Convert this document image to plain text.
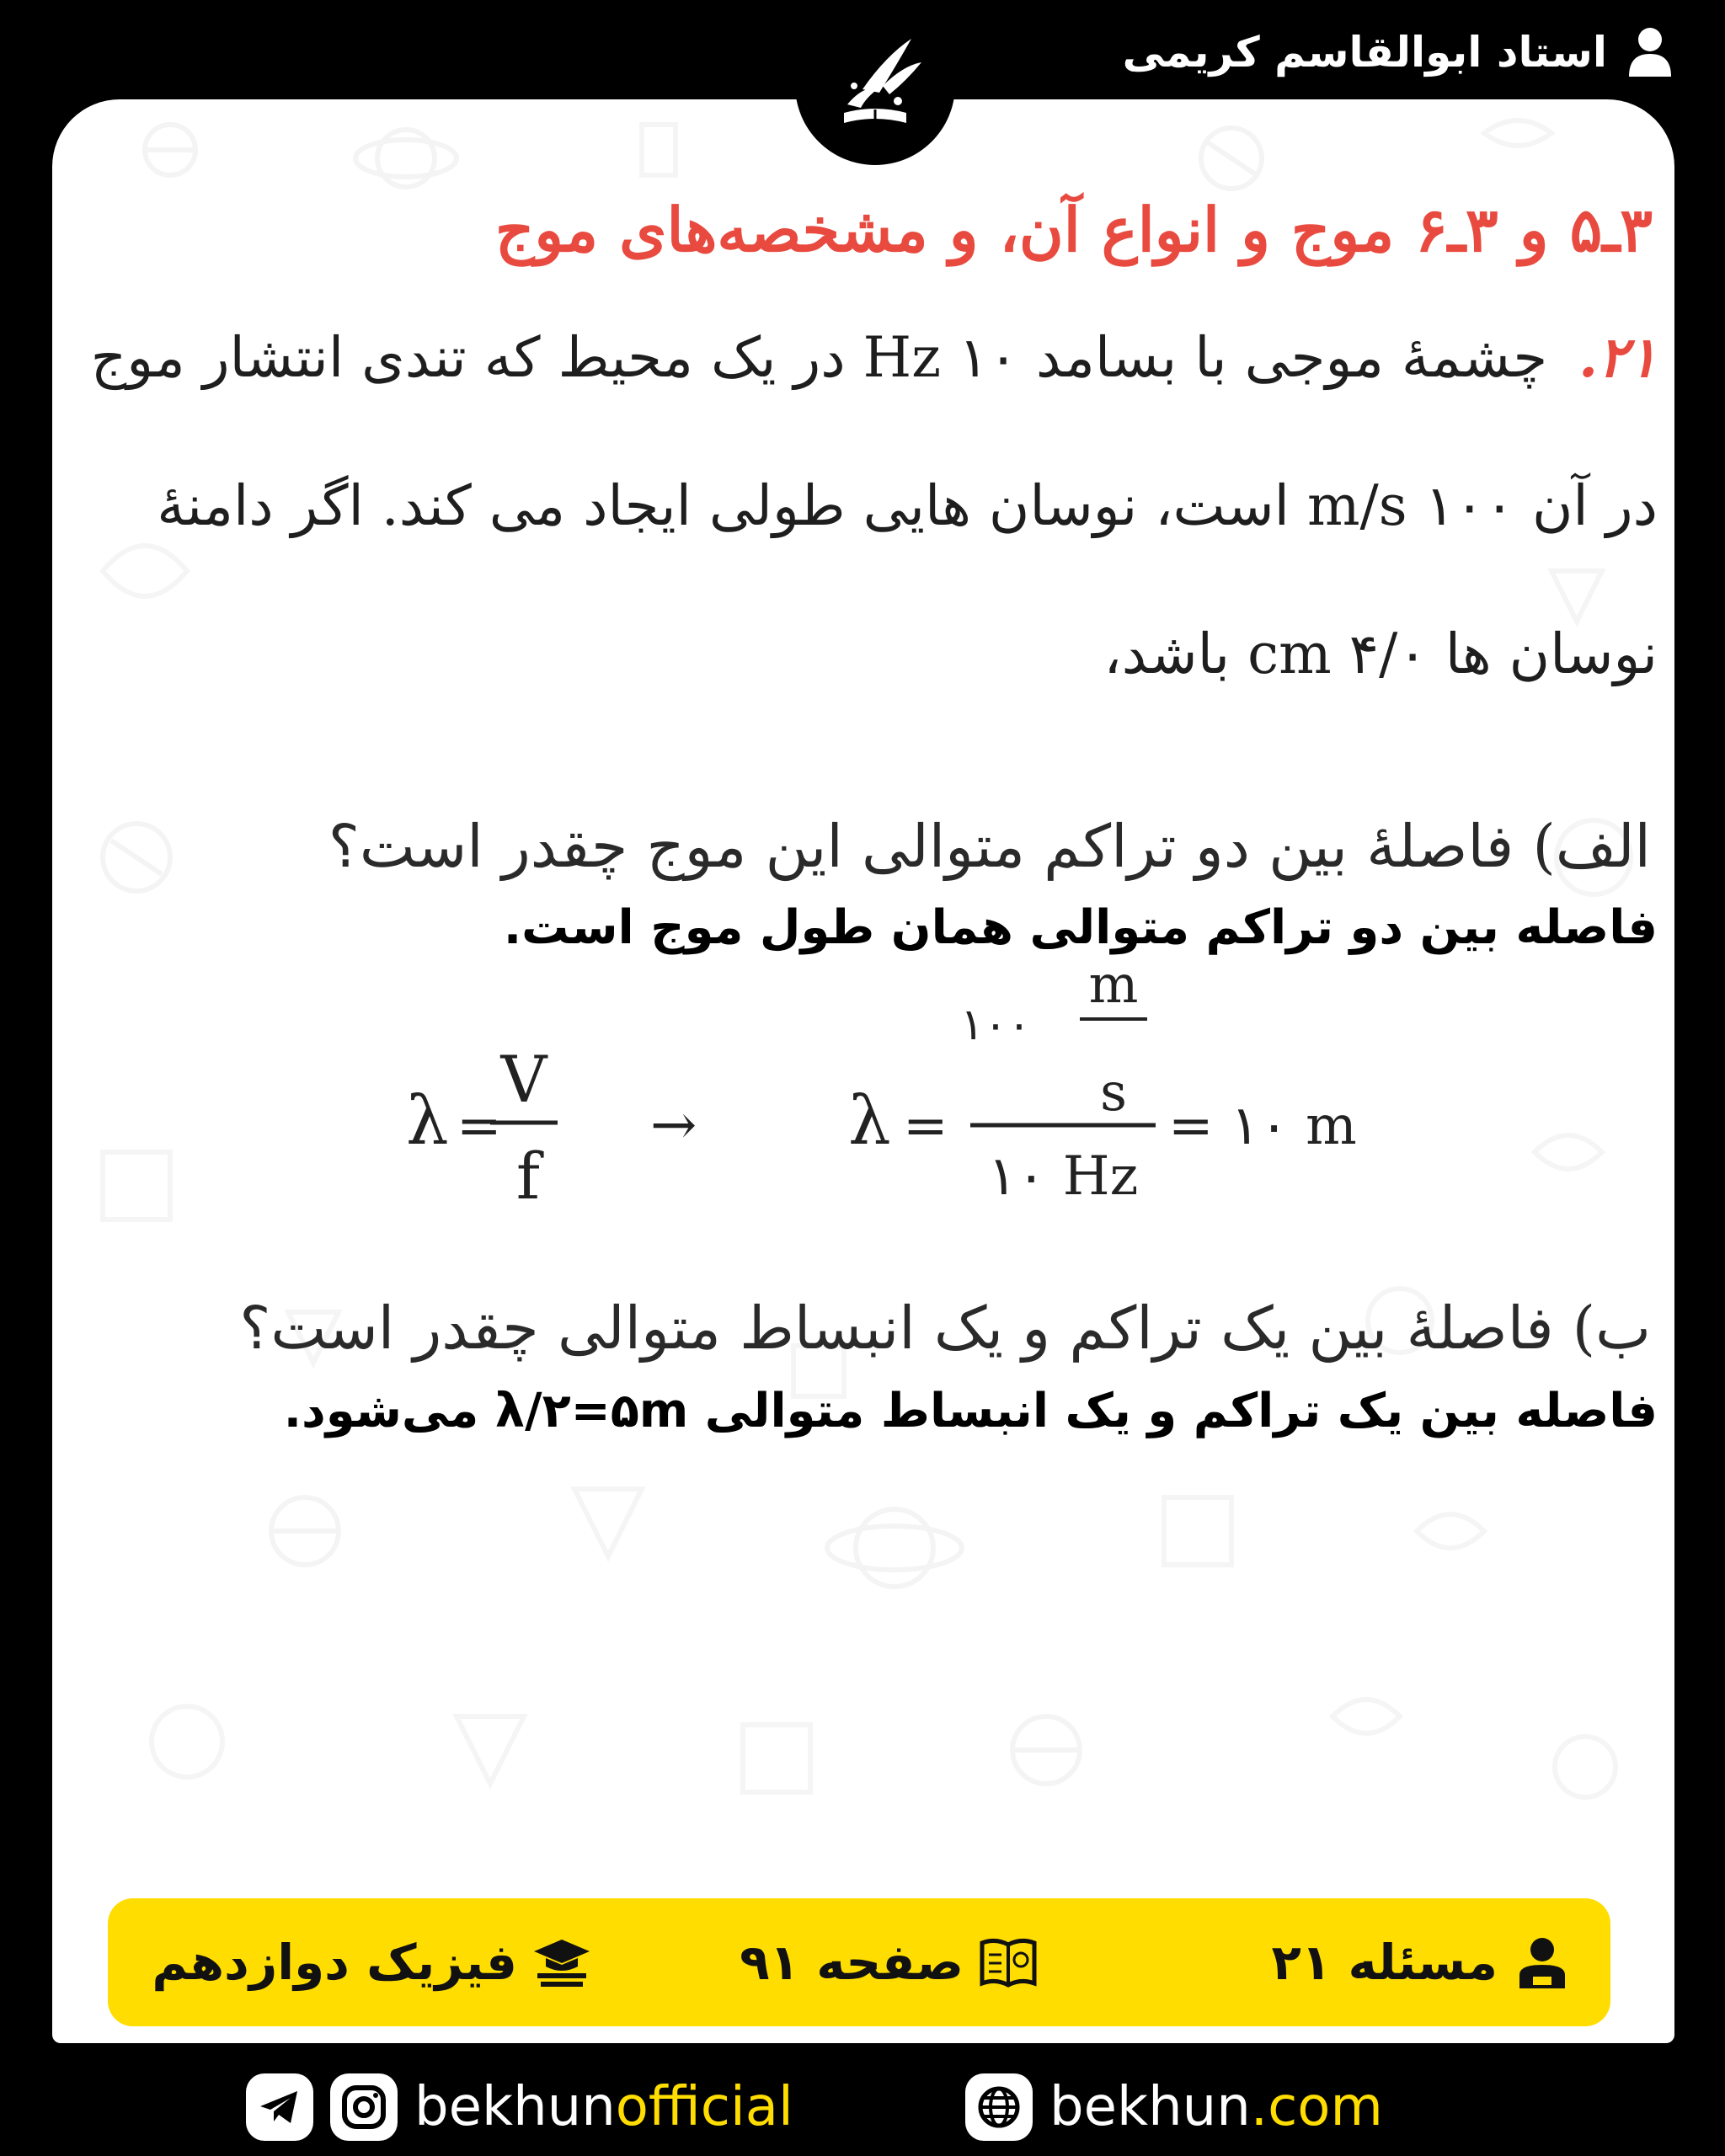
استاد ابوالقاسم کریمی
۳ـ۵ و ۳ـ۶ موج و انواع آن، و مشخصه‌های موج
۲۱. چشمهٔ موجی با بسامد Hz ۱۰ در یک محیط که تندی انتشار موج در آن m/s ۱۰۰ است، نوسان هایی طولی ایجاد می کند. اگر دامنهٔ نوسان ها cm ۴/۰ باشد،
الف) فاصلهٔ بین دو تراکم متوالی این موج چقدر است؟
فاصله بین دو تراکم متوالی همان طول موج است.
λ =
V
f
→ λ =
۱۰۰
m
s
۱۰ Hz
= ۱۰ m
ب) فاصلهٔ بین یک تراکم و یک انبساط متوالی چقدر است؟
فاصله بین یک تراکم و یک انبساط متوالی λ/۲=۵m می‌شود.
مسئله ۲۱
صفحه ۹۱
فیزیک دوازدهم
bekhunofficial	bekhun.com
